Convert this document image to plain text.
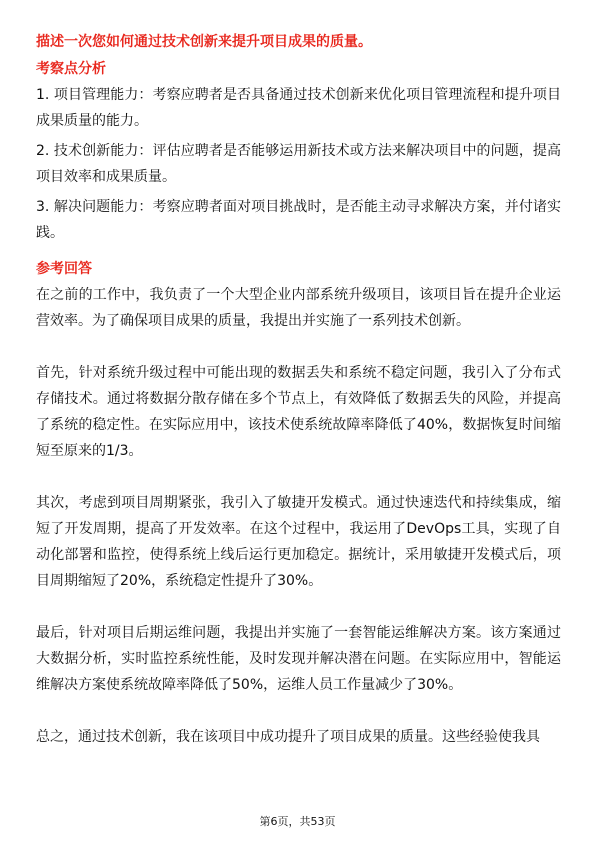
描述一次您如何通过技术创新来提升项目成果的质量。
考察点分析
1. 项目管理能力：考察应聘者是否具备通过技术创新来优化项目管理流程和提升项目成果质量的能力。
2. 技术创新能力：评估应聘者是否能够运用新技术或方法来解决项目中的问题，提高项目效率和成果质量。
3. 解决问题能力：考察应聘者面对项目挑战时，是否能主动寻求解决方案，并付诸实践。
参考回答
在之前的工作中，我负责了一个大型企业内部系统升级项目，该项目旨在提升企业运营效率。为了确保项目成果的质量，我提出并实施了一系列技术创新。
首先，针对系统升级过程中可能出现的数据丢失和系统不稳定问题，我引入了分布式存储技术。通过将数据分散存储在多个节点上，有效降低了数据丢失的风险，并提高了系统的稳定性。在实际应用中，该技术使系统故障率降低了40%，数据恢复时间缩短至原来的1/3。
其次，考虑到项目周期紧张，我引入了敏捷开发模式。通过快速迭代和持续集成，缩短了开发周期，提高了开发效率。在这个过程中，我运用了DevOps工具，实现了自动化部署和监控，使得系统上线后运行更加稳定。据统计，采用敏捷开发模式后，项目周期缩短了20%，系统稳定性提升了30%。
最后，针对项目后期运维问题，我提出并实施了一套智能运维解决方案。该方案通过大数据分析，实时监控系统性能，及时发现并解决潜在问题。在实际应用中，智能运维解决方案使系统故障率降低了50%，运维人员工作量减少了30%。
总之，通过技术创新，我在该项目中成功提升了项目成果的质量。这些经验使我具
第6页，共53页
